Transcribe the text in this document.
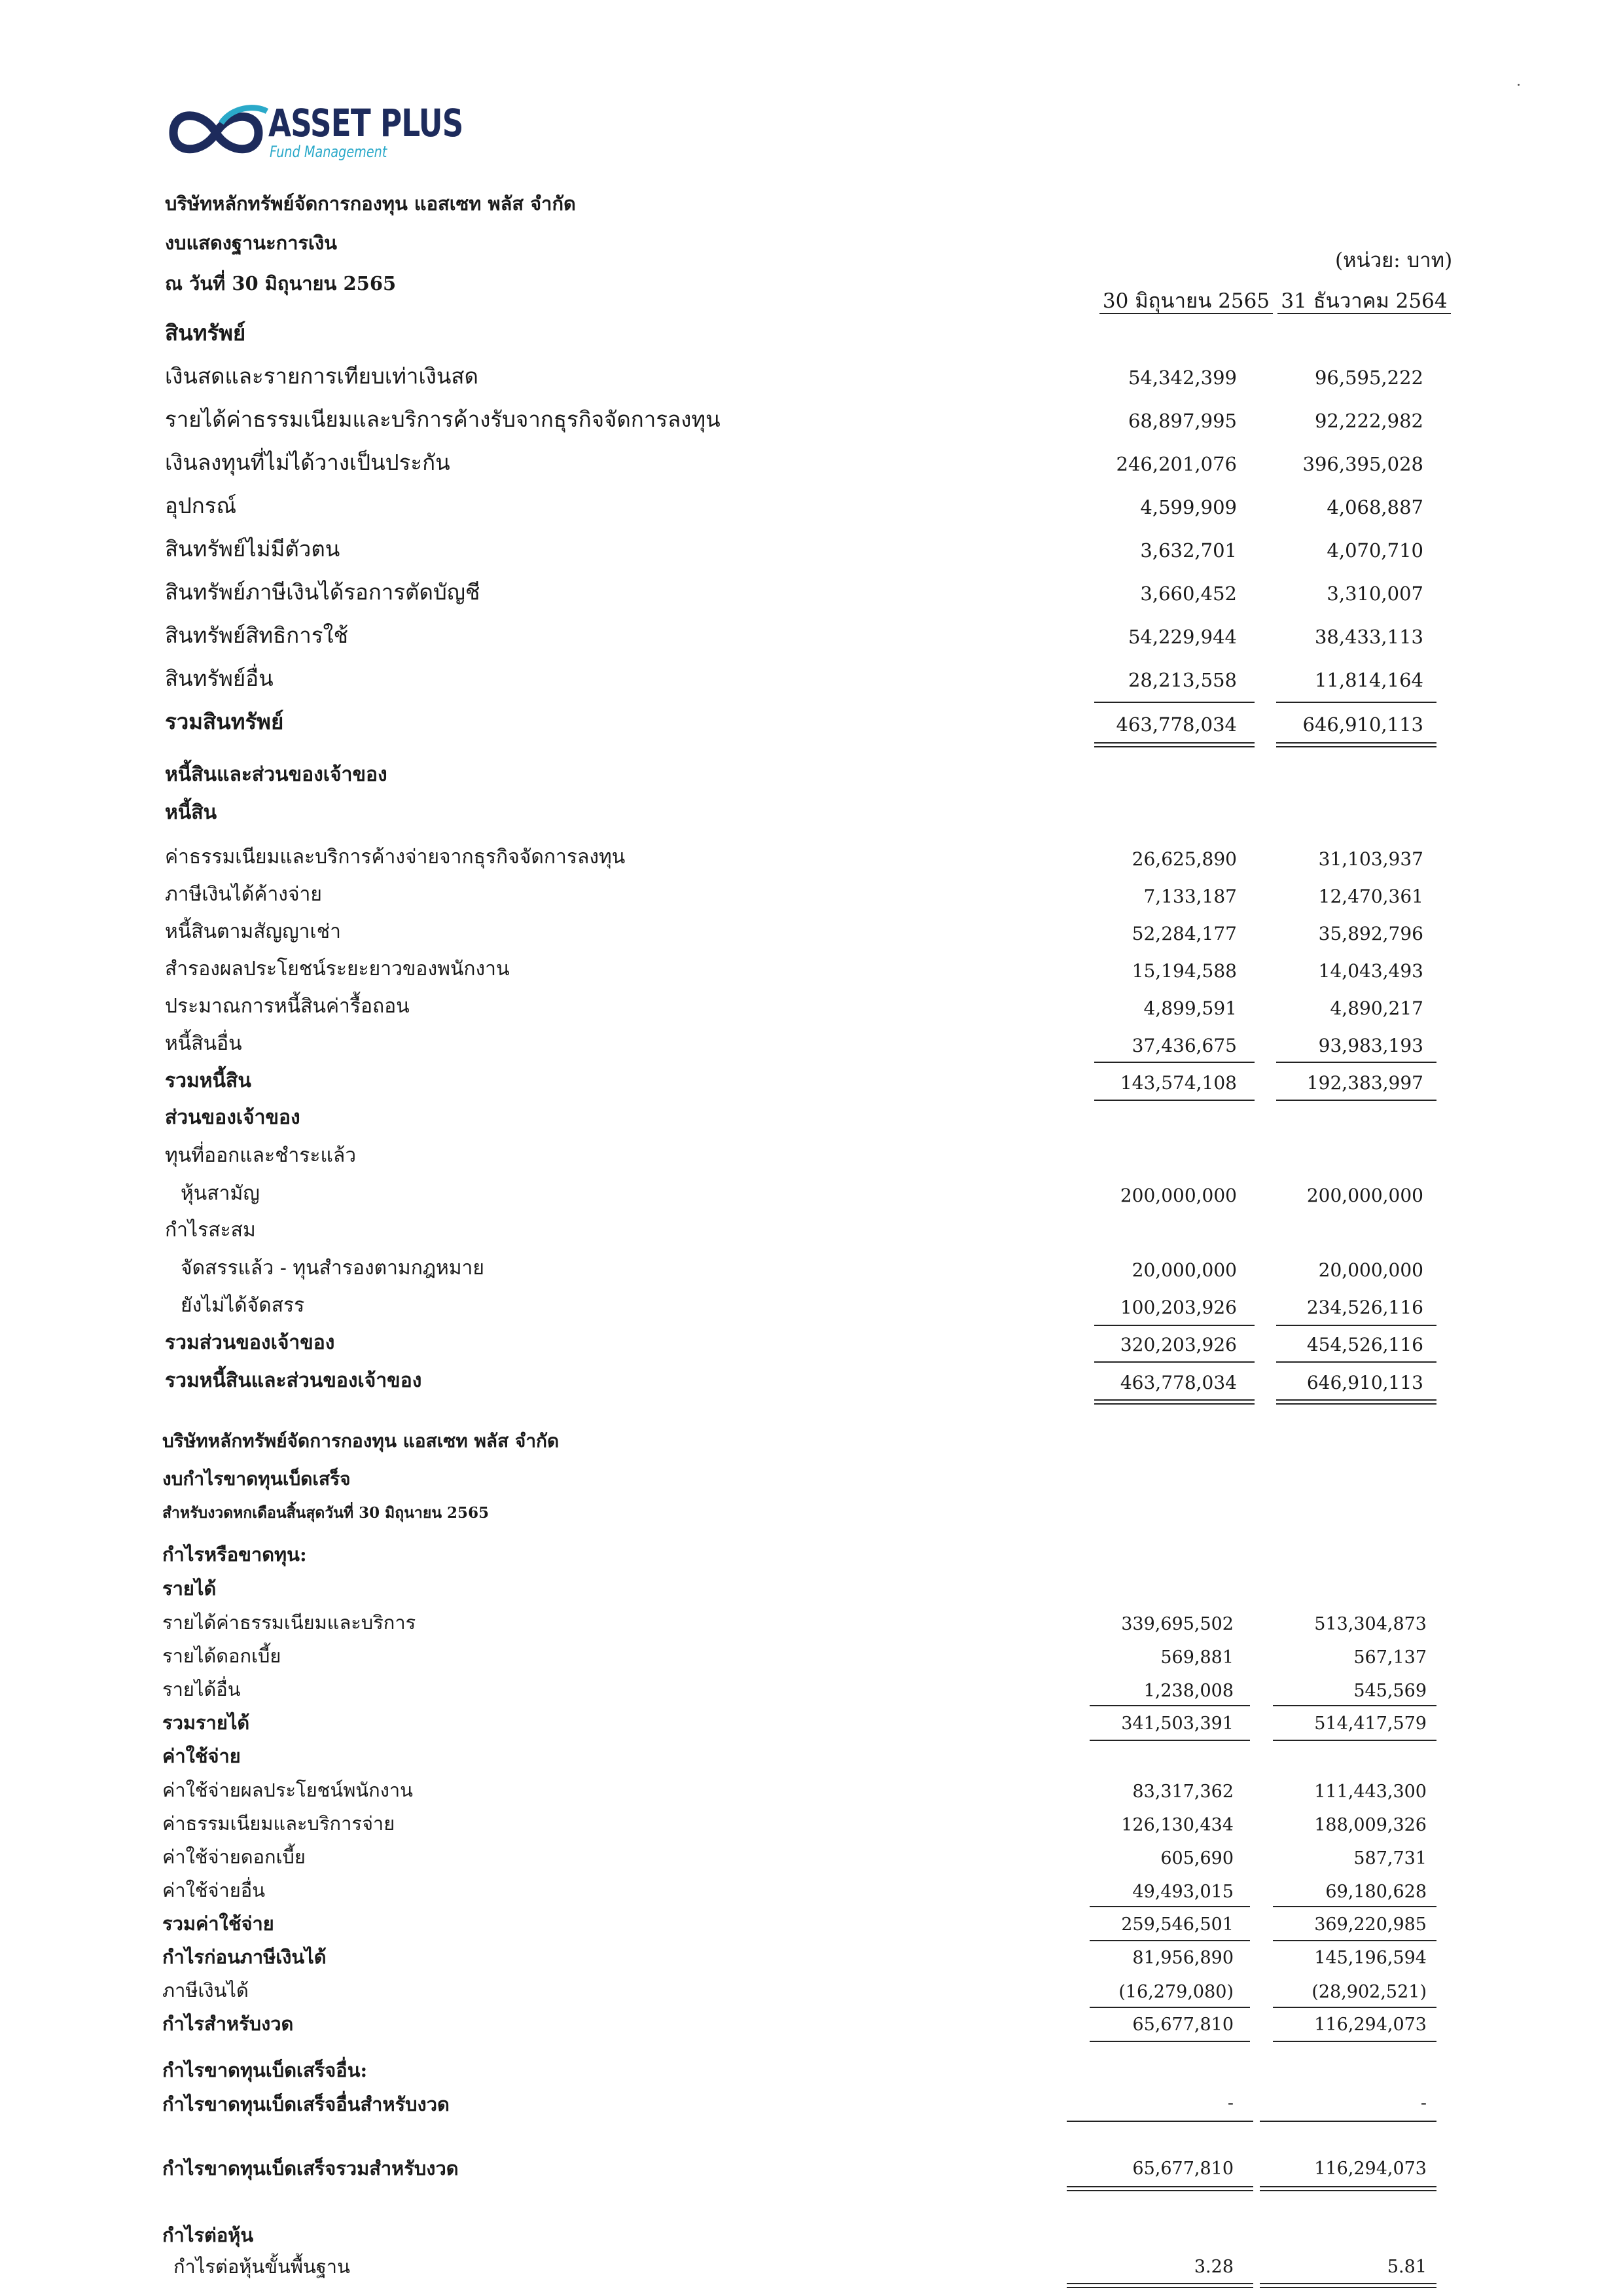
ASSET PLUS
Fund Management
บริษัทหลักทรัพย์จัดการกองทุน แอสเซท พลัส จำกัด
งบแสดงฐานะการเงิน
ณ วันที่ 30 มิถุนายน 2565
(หน่วย: บาท)
30 มิถุนายน 2565 31 ธันวาคม 2564
สินทรัพย์
เงินสดและรายการเทียบเท่าเงินสด	54,342,399	96,595,222
รายได้ค่าธรรมเนียมและบริการค้างรับจากธุรกิจจัดการลงทุน	68,897,995	92,222,982
เงินลงทุนที่ไม่ได้วางเป็นประกัน	246,201,076	396,395,028
อุปกรณ์	4,599,909	4,068,887
สินทรัพย์ไม่มีตัวตน	3,632,701	4,070,710
สินทรัพย์ภาษีเงินได้รอการตัดบัญชี	3,660,452	3,310,007
สินทรัพย์สิทธิการใช้	54,229,944	38,433,113
สินทรัพย์อื่น	28,213,558	11,814,164
รวมสินทรัพย์	463,778,034	646,910,113
หนี้สินและส่วนของเจ้าของ
หนี้สิน
ค่าธรรมเนียมและบริการค้างจ่ายจากธุรกิจจัดการลงทุน	26,625,890	31,103,937
ภาษีเงินได้ค้างจ่าย	7,133,187	12,470,361
หนี้สินตามสัญญาเช่า	52,284,177	35,892,796
สำรองผลประโยชน์ระยะยาวของพนักงาน	15,194,588	14,043,493
ประมาณการหนี้สินค่ารื้อถอน	4,899,591	4,890,217
หนี้สินอื่น	37,436,675	93,983,193
รวมหนี้สิน	143,574,108	192,383,997
ส่วนของเจ้าของ
ทุนที่ออกและชำระแล้ว
หุ้นสามัญ	200,000,000	200,000,000
กำไรสะสม
จัดสรรแล้ว - ทุนสำรองตามกฎหมาย	20,000,000	20,000,000
ยังไม่ได้จัดสรร	100,203,926	234,526,116
รวมส่วนของเจ้าของ	320,203,926	454,526,116
รวมหนี้สินและส่วนของเจ้าของ	463,778,034	646,910,113
บริษัทหลักทรัพย์จัดการกองทุน แอสเซท พลัส จำกัด
งบกำไรขาดทุนเบ็ดเสร็จ
สำหรับงวดหกเดือนสิ้นสุดวันที่ 30 มิถุนายน 2565
กำไรหรือขาดทุน:
รายได้
รายได้ค่าธรรมเนียมและบริการ	339,695,502	513,304,873
รายได้ดอกเบี้ย	569,881	567,137
รายได้อื่น	1,238,008	545,569
รวมรายได้	341,503,391	514,417,579
ค่าใช้จ่าย
ค่าใช้จ่ายผลประโยชน์พนักงาน	83,317,362	111,443,300
ค่าธรรมเนียมและบริการจ่าย	126,130,434	188,009,326
ค่าใช้จ่ายดอกเบี้ย	605,690	587,731
ค่าใช้จ่ายอื่น	49,493,015	69,180,628
รวมค่าใช้จ่าย	259,546,501	369,220,985
กำไรก่อนภาษีเงินได้	81,956,890	145,196,594
ภาษีเงินได้	(16,279,080)	(28,902,521)
กำไรสำหรับงวด	65,677,810	116,294,073
กำไรขาดทุนเบ็ดเสร็จอื่น:
กำไรขาดทุนเบ็ดเสร็จอื่นสำหรับงวด	-	-
กำไรขาดทุนเบ็ดเสร็จรวมสำหรับงวด	65,677,810	116,294,073
กำไรต่อหุ้น
กำไรต่อหุ้นขั้นพื้นฐาน	3.28	5.81
